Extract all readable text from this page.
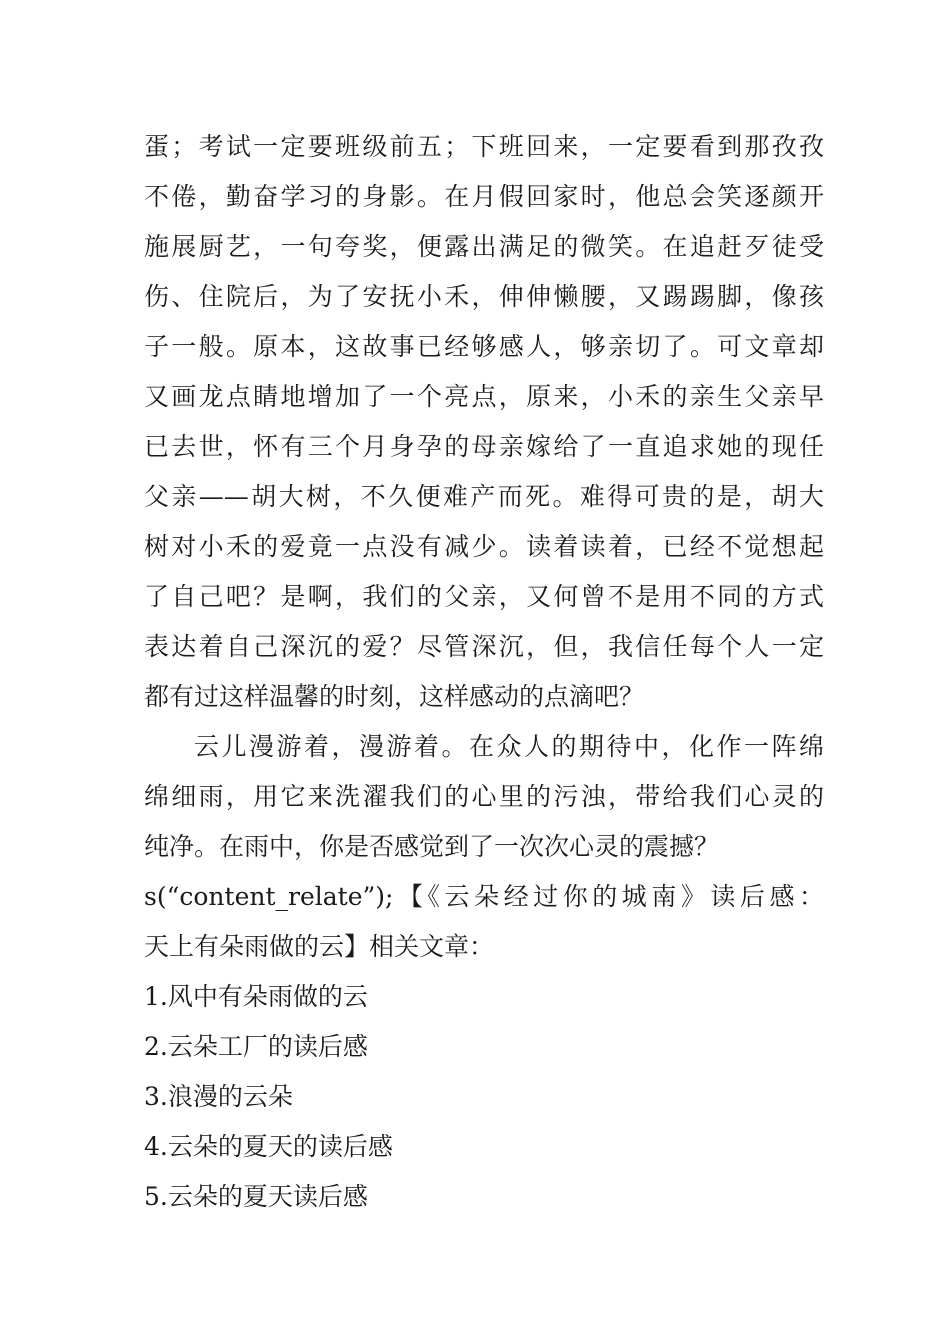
蛋；考试一定要班级前五；下班回来，一定要看到那孜孜

不倦，勤奋学习的身影。在月假回家时，他总会笑逐颜开

施展厨艺，一句夸奖，便露出满足的微笑。在追赶歹徒受

伤、住院后，为了安抚小禾，伸伸懒腰，又踢踢脚，像孩

子一般。原本，这故事已经够感人，够亲切了。可文章却

又画龙点睛地增加了一个亮点，原来，小禾的亲生父亲早

已去世，怀有三个月身孕的母亲嫁给了一直追求她的现任

父亲——胡大树，不久便难产而死。难得可贵的是，胡大

树对小禾的爱竟一点没有减少。读着读着，已经不觉想起

了自己吧？是啊，我们的父亲，又何曾不是用不同的方式

表达着自己深沉的爱？尽管深沉，但，我信任每个人一定

都有过这样温馨的时刻，这样感动的点滴吧？

云儿漫游着，漫游着。在众人的期待中，化作一阵绵

绵细雨，用它来洗濯我们的心里的污浊，带给我们心灵的

纯净。在雨中，你是否感觉到了一次次心灵的震撼？

s(“content_relate”);【《云朵经过你的城南》读后感：

天上有朵雨做的云】相关文章：

1.风中有朵雨做的云

2.云朵工厂的读后感

3.浪漫的云朵

4.云朵的夏天的读后感

5.云朵的夏天读后感
